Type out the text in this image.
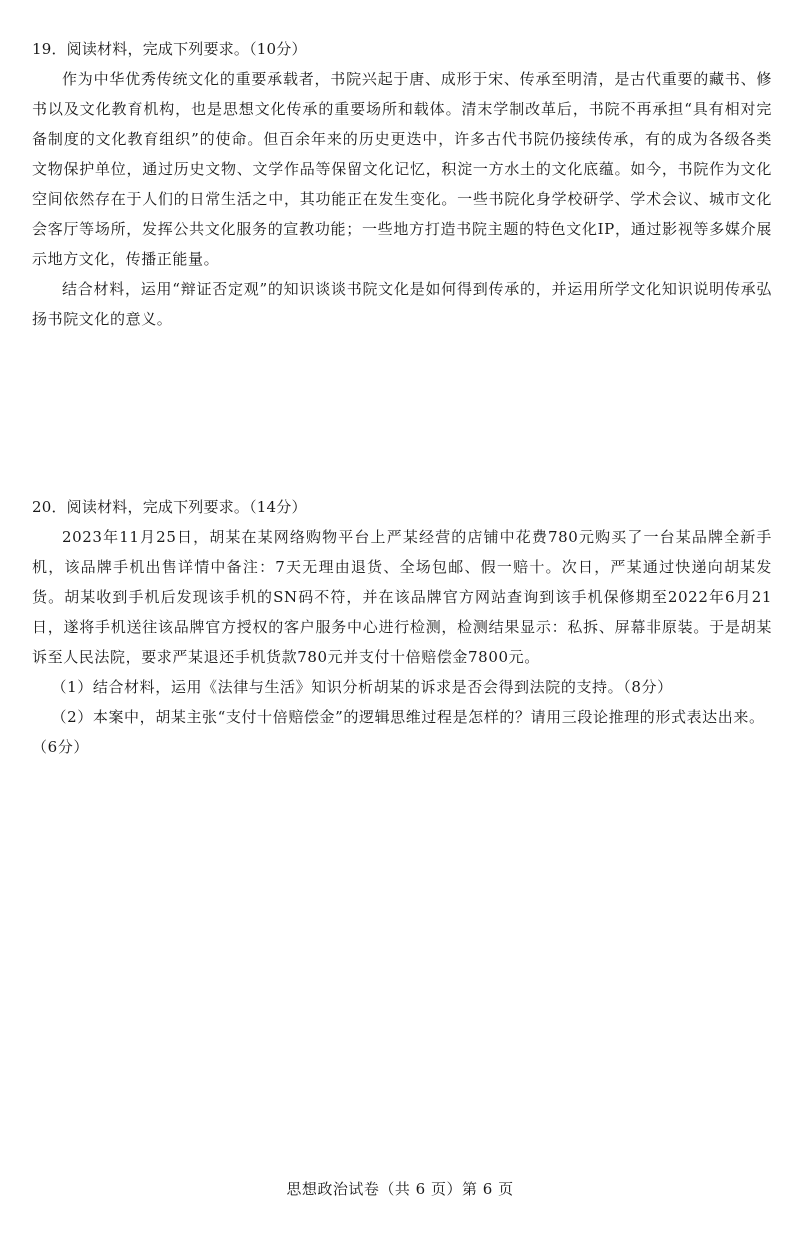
19．阅读材料，完成下列要求。（10分）

作为中华优秀传统文化的重要承载者，书院兴起于唐、成形于宋、传承至明清，是古代重要的藏书、修书以及文化教育机构，也是思想文化传承的重要场所和载体。清末学制改革后，书院不再承担“具有相对完备制度的文化教育组织”的使命。但百余年来的历史更迭中，许多古代书院仍接续传承，有的成为各级各类文物保护单位，通过历史文物、文学作品等保留文化记忆，积淀一方水土的文化底蕴。如今，书院作为文化空间依然存在于人们的日常生活之中，其功能正在发生变化。一些书院化身学校研学、学术会议、城市文化会客厅等场所，发挥公共文化服务的宣教功能；一些地方打造书院主题的特色文化IP，通过影视等多媒介展示地方文化，传播正能量。

结合材料，运用“辩证否定观”的知识谈谈书院文化是如何得到传承的，并运用所学文化知识说明传承弘扬书院文化的意义。

20．阅读材料，完成下列要求。（14分）

2023年11月25日，胡某在某网络购物平台上严某经营的店铺中花费780元购买了一台某品牌全新手机，该品牌手机出售详情中备注：7天无理由退货、全场包邮、假一赔十。次日，严某通过快递向胡某发货。胡某收到手机后发现该手机的SN码不符，并在该品牌官方网站查询到该手机保修期至2022年6月21日，遂将手机送往该品牌官方授权的客户服务中心进行检测，检测结果显示：私拆、屏幕非原装。于是胡某诉至人民法院，要求严某退还手机货款780元并支付十倍赔偿金7800元。

（1）结合材料，运用《法律与生活》知识分析胡某的诉求是否会得到法院的支持。（8分）

（2）本案中，胡某主张“支付十倍赔偿金”的逻辑思维过程是怎样的？请用三段论推理的形式表达出来。（6分）

思想政治试卷（共 6 页）第 6 页
